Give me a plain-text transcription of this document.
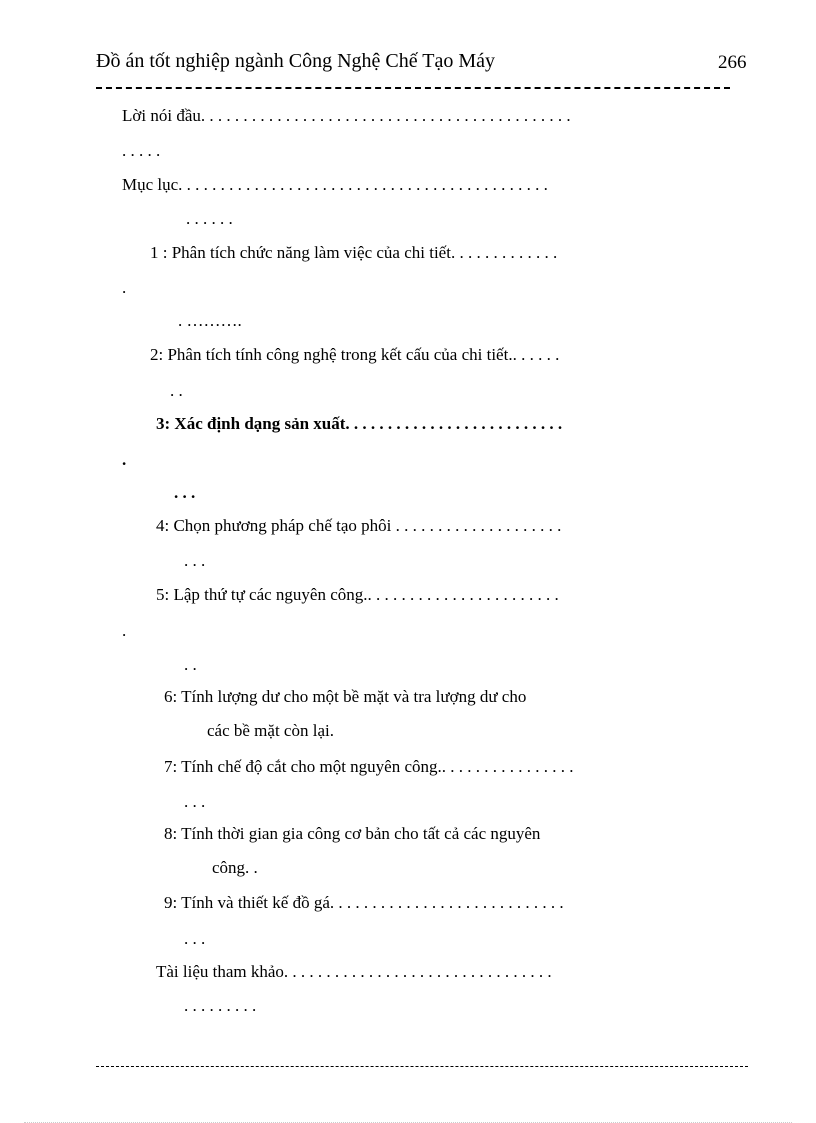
Đồ án tốt nghiệp ngành Công Nghệ Chế Tạo Máy	266
Lời nói đầu. . . . . . . . . . . . . . . . . . . . . . . . . . . . . . . . . . . . . . . . . . . .
. . . . .
Mục lục. . . . . . . . . . . . . . . . . . . . . . . . . . . . . . . . . . . . . . . . . . . .
. . . . . .
1 : Phân tích chức năng làm việc của chi tiết. . . . . . . . . . . . .
.
. ……….
2: Phân tích tính công nghệ trong kết cấu của chi tiết.. . . . . .
. .
3: Xác định dạng sản xuất. . . . . . . . . . . . . . . . . . . . . . . . . .
.
. . .
4: Chọn phương pháp chế tạo phôi . . . . . . . . . . . . . . . . . . . .
. . .
5: Lập thứ tự các nguyên công.. . . . . . . . . . . . . . . . . . . . . . .
.
. .
6: Tính lượng dư cho một bề mặt và tra lượng dư cho
các bề mặt còn lại.
7: Tính chế độ cắt cho một nguyên công.. . . . . . . . . . . . . . . .
. . .
8: Tính thời gian gia công cơ bản cho tất cả các nguyên
công. .
9: Tính và thiết kế đồ gá. . . . . . . . . . . . . . . . . . . . . . . . . . . .
. . .
Tài liệu tham khảo. . . . . . . . . . . . . . . . . . . . . . . . . . . . . . . .
. . . . . . . . .
